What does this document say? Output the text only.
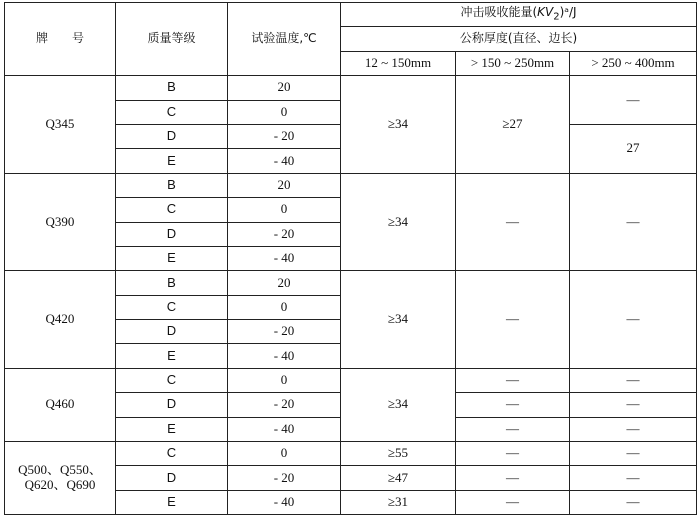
牌　　号	质量等级	试验温度,℃	冲击吸收能量$(KV_2)ᵃ/J$		
			公称厚度(直径、边长)		
			12 ~ 150mm	> 150 ~ 250mm	> 250 ~ 400mm
Q345	B	20	≥34	≥27	—
	C	0			
	D	- 20			27
	E	- 40			
Q390	B	20	≥34	—	—
	C	0			
	D	- 20			
	E	- 40			
Q420	B	20	≥34	—	—
	C	0			
	D	- 20			
	E	- 40			
Q460	C	0	≥34	—	—
	D	- 20		—	—
	E	- 40		—	—
Q500、Q550、
Q620、Q690	C	0	≥55	—	—
	D	- 20	≥47	—	—
	E	- 40	≥31	—	—
